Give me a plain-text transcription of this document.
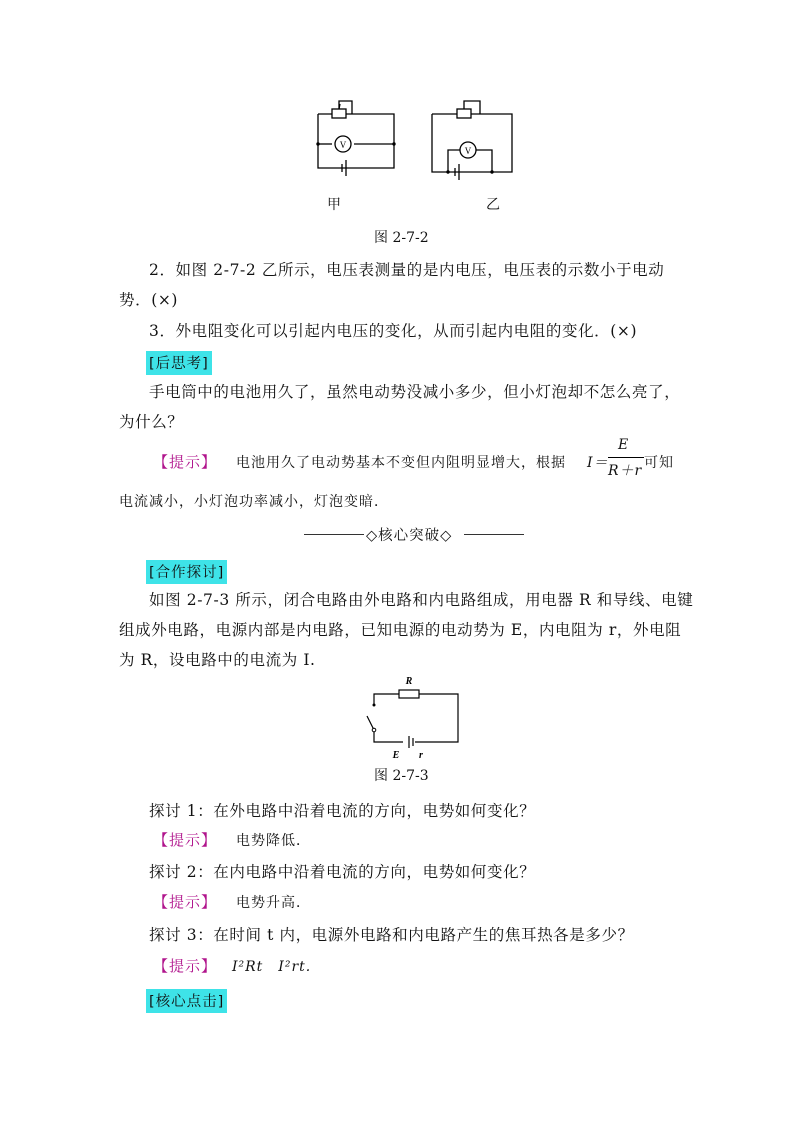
V
V
甲	乙
图 2-7-2
2．如图 2-7-2 乙所示，电压表测量的是内电压，电压表的示数小于电动
势．(×)
3．外电阻变化可以引起内电压的变化，从而引起内电阻的变化．(×)
[后思考]
手电筒中的电池用久了，虽然电动势没减小多少，但小灯泡却不怎么亮了，
为什么？
【提示】 电池用久了电动势基本不变但内阻明显增大，根据 I＝
E
R＋r 可知
电流减小，小灯泡功率减小，灯泡变暗．
◇核心突破◇
[合作探讨]
如图 2-7-3 所示，闭合电路由外电路和内电路组成，用电器 R 和导线、电键
组成外电路，电源内部是内电路，已知电源的电动势为 E，内电阻为 r，外电阻
为 R，设电路中的电流为 I.
R
E r
图 2-7-3
探讨 1：在外电路中沿着电流的方向，电势如何变化？
【提示】 电势降低．
探讨 2：在内电路中沿着电流的方向，电势如何变化？
【提示】 电势升高．
探讨 3：在时间 t 内，电源外电路和内电路产生的焦耳热各是多少？
【提示】 I²Rt　I²rt.
[核心点击]
